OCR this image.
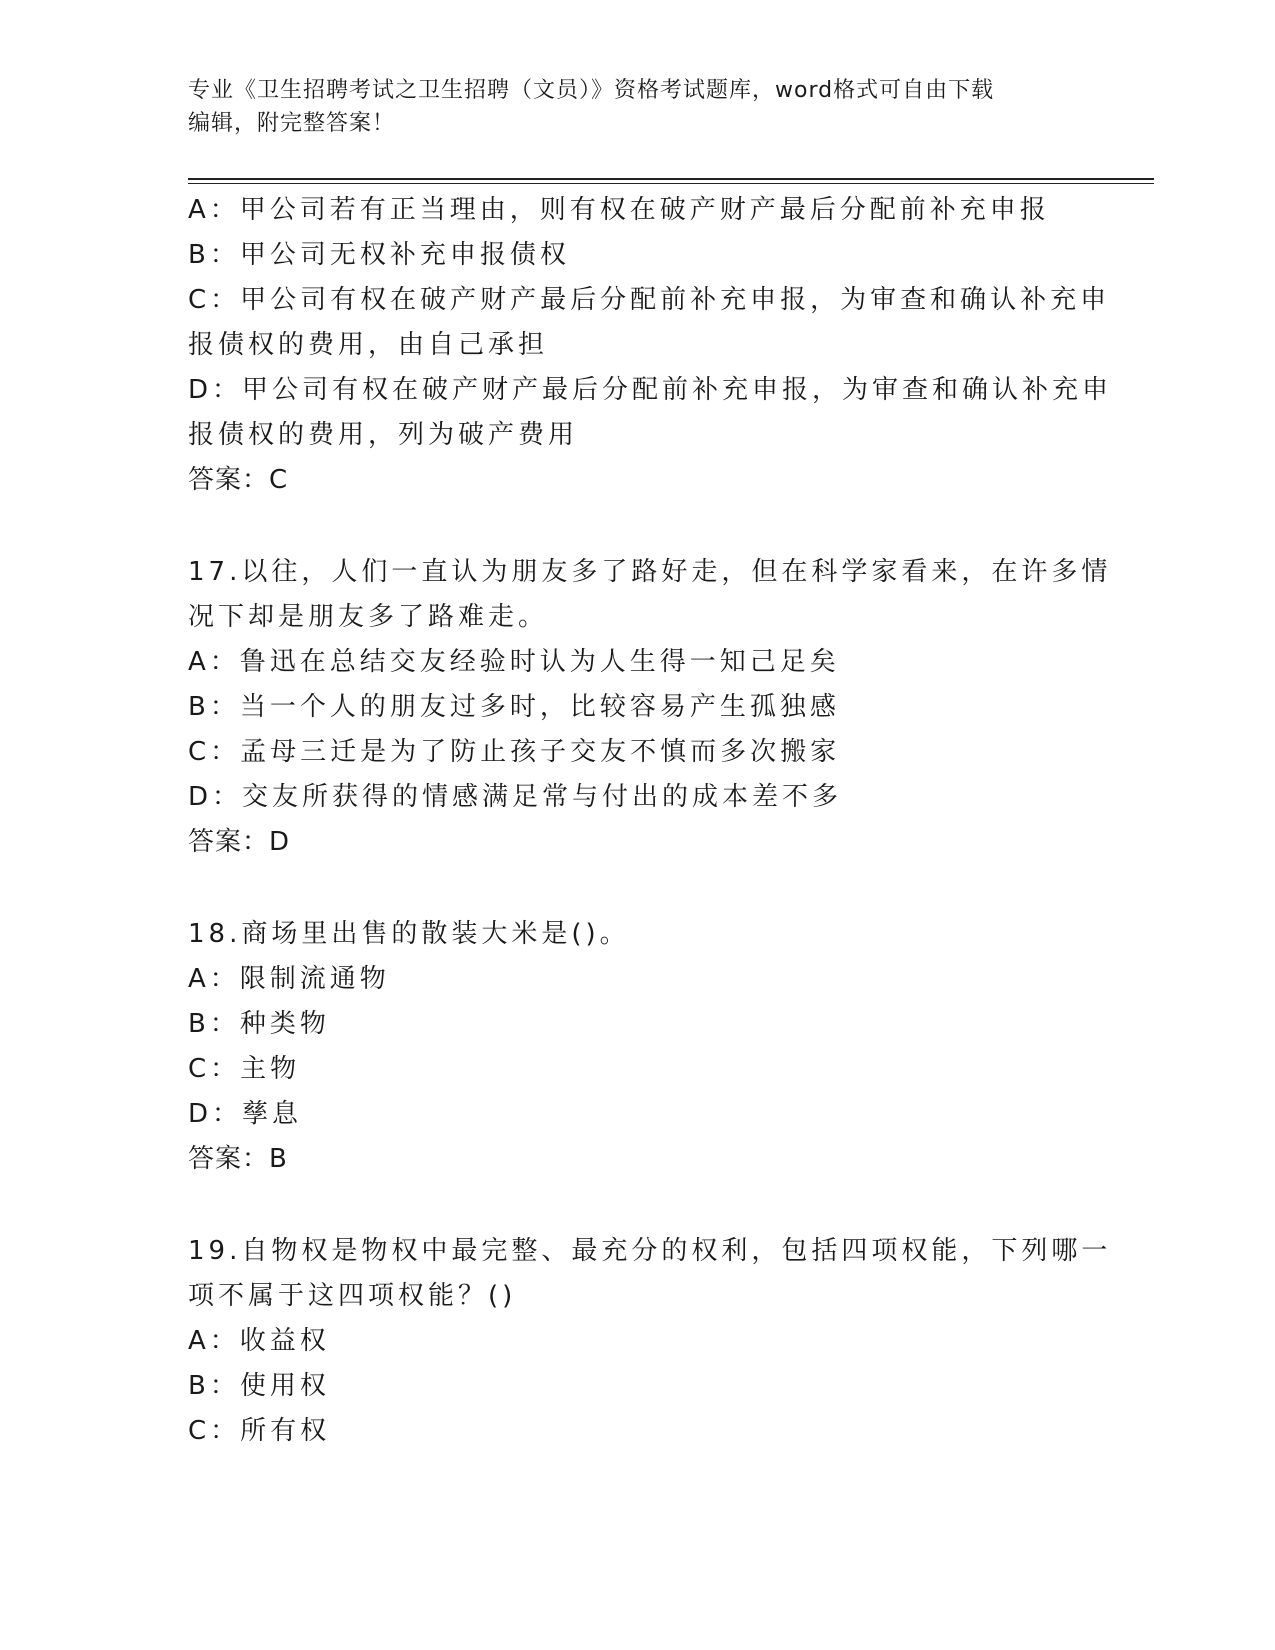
专业《卫生招聘考试之卫生招聘（文员）》资格考试题库，word格式可自由下载
编辑，附完整答案！
A：甲公司若有正当理由，则有权在破产财产最后分配前补充申报
B：甲公司无权补充申报债权
C：甲公司有权在破产财产最后分配前补充申报，为审查和确认补充申
报债权的费用，由自己承担
D：甲公司有权在破产财产最后分配前补充申报，为审查和确认补充申
报债权的费用，列为破产费用
答案：C
17.以往，人们一直认为朋友多了路好走，但在科学家看来，在许多情
况下却是朋友多了路难走。
A：鲁迅在总结交友经验时认为人生得一知己足矣
B：当一个人的朋友过多时，比较容易产生孤独感
C：孟母三迁是为了防止孩子交友不慎而多次搬家
D：交友所获得的情感满足常与付出的成本差不多
答案：D
18.商场里出售的散装大米是()。
A：限制流通物
B：种类物
C：主物
D：孳息
答案：B
19.自物权是物权中最完整、最充分的权利，包括四项权能，下列哪一
项不属于这四项权能？()
A：收益权
B：使用权
C：所有权
